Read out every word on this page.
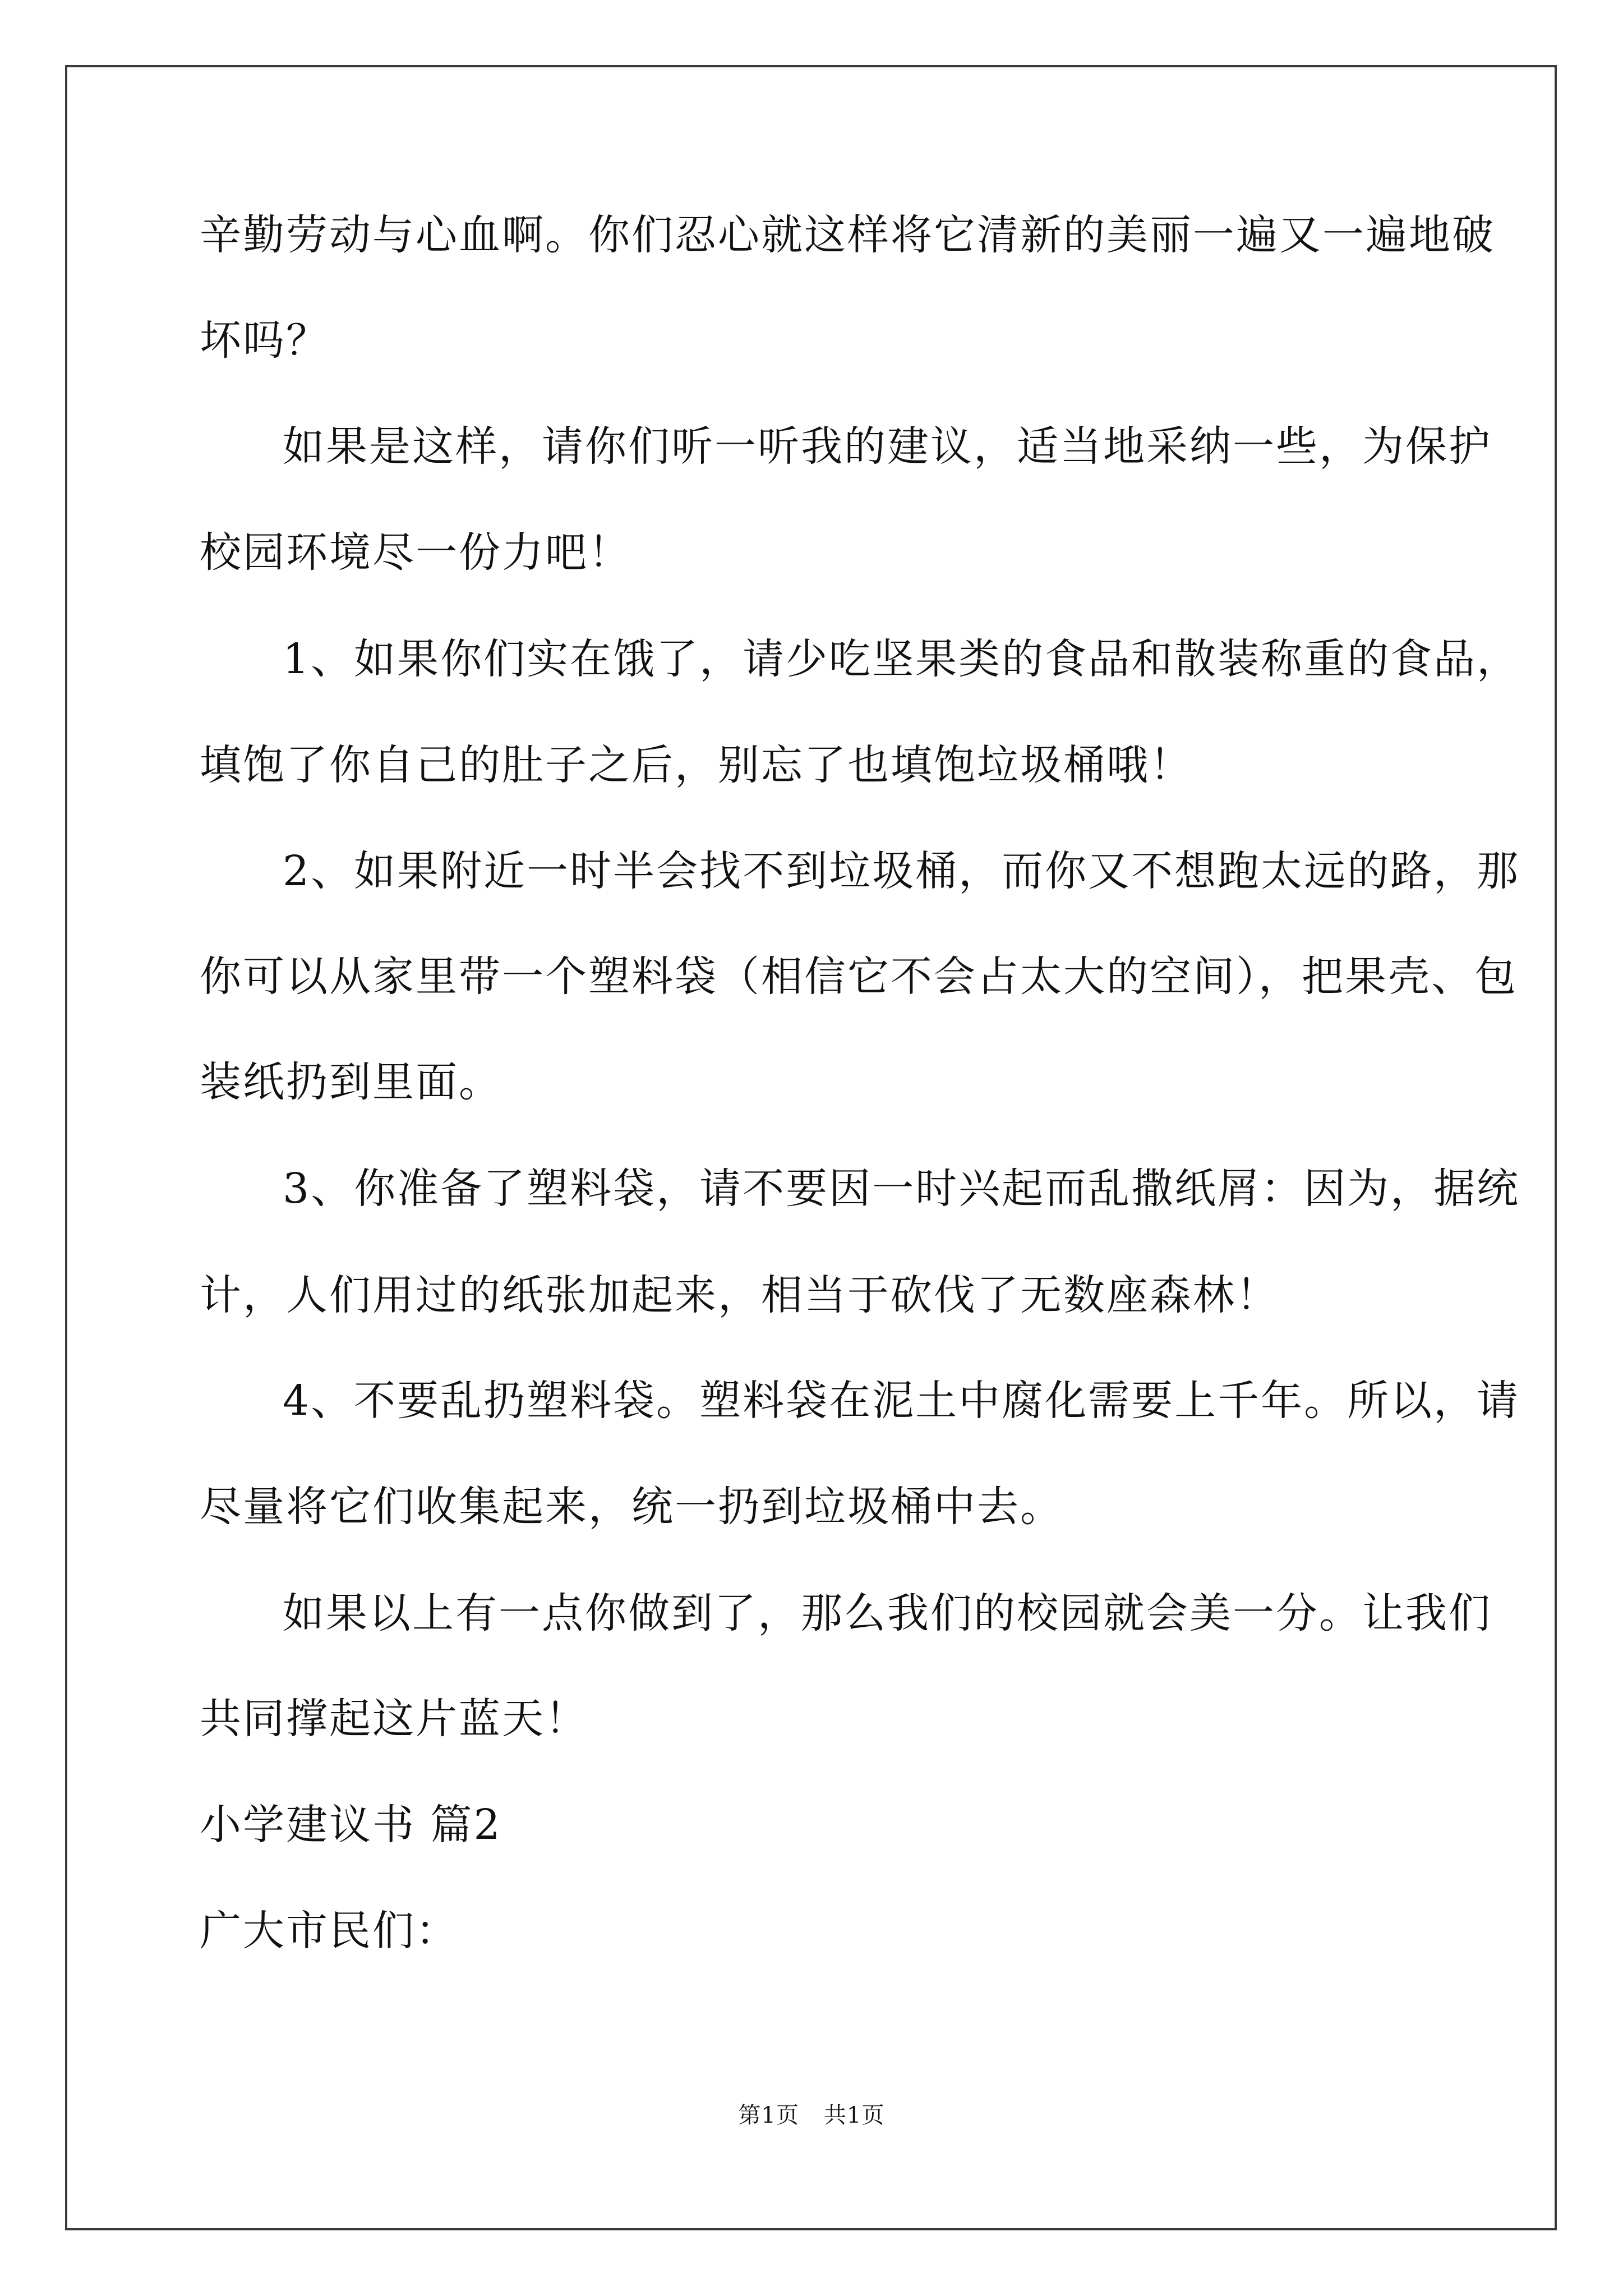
辛勤劳动与心血啊。你们忍心就这样将它清新的美丽一遍又一遍地破
坏吗？
如果是这样，请你们听一听我的建议，适当地采纳一些，为保护
校园环境尽一份力吧！
1、如果你们实在饿了，请少吃坚果类的食品和散装称重的食品，
填饱了你自己的肚子之后，别忘了也填饱垃圾桶哦！
2、如果附近一时半会找不到垃圾桶，而你又不想跑太远的路，那
你可以从家里带一个塑料袋（相信它不会占太大的空间），把果壳、包
装纸扔到里面。
3、你准备了塑料袋，请不要因一时兴起而乱撒纸屑：因为，据统
计，人们用过的纸张加起来，相当于砍伐了无数座森林！
4、不要乱扔塑料袋。塑料袋在泥土中腐化需要上千年。所以，请
尽量将它们收集起来，统一扔到垃圾桶中去。
如果以上有一点你做到了，那么我们的校园就会美一分。让我们
共同撑起这片蓝天！
小学建议书 篇2
广大市民们：
第1页 共1页
